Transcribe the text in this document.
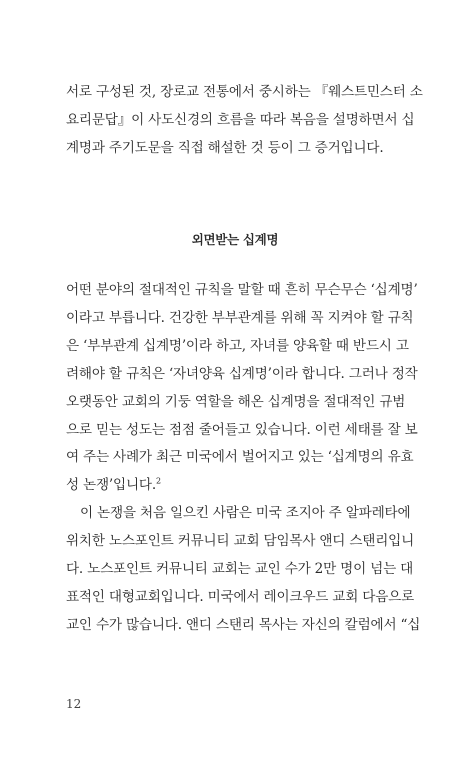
서로 구성된 것, 장로교 전통에서 중시하는 『웨스트민스터 소
요리문답』이 사도신경의 흐름을 따라 복음을 설명하면서 십
계명과 주기도문을 직접 해설한 것 등이 그 증거입니다.
외면받는 십계명
어떤 분야의 절대적인 규칙을 말할 때 흔히 무슨무슨 ‘십계명’
이라고 부릅니다. 건강한 부부관계를 위해 꼭 지켜야 할 규칙
은 ‘부부관계 십계명’이라 하고, 자녀를 양육할 때 반드시 고
려해야 할 규칙은 ‘자녀양육 십계명’이라 합니다. 그러나 정작
오랫동안 교회의 기둥 역할을 해온 십계명을 절대적인 규범
으로 믿는 성도는 점점 줄어들고 있습니다. 이런 세태를 잘 보
여 주는 사례가 최근 미국에서 벌어지고 있는 ‘십계명의 유효
성 논쟁’입니다.$^2$
이 논쟁을 처음 일으킨 사람은 미국 조지아 주 알파레타에
위치한 노스포인트 커뮤니티 교회 담임목사 앤디 스탠리입니
다. 노스포인트 커뮤니티 교회는 교인 수가 2만 명이 넘는 대
표적인 대형교회입니다. 미국에서 레이크우드 교회 다음으로
교인 수가 많습니다. 앤디 스탠리 목사는 자신의 칼럼에서 “십
12
